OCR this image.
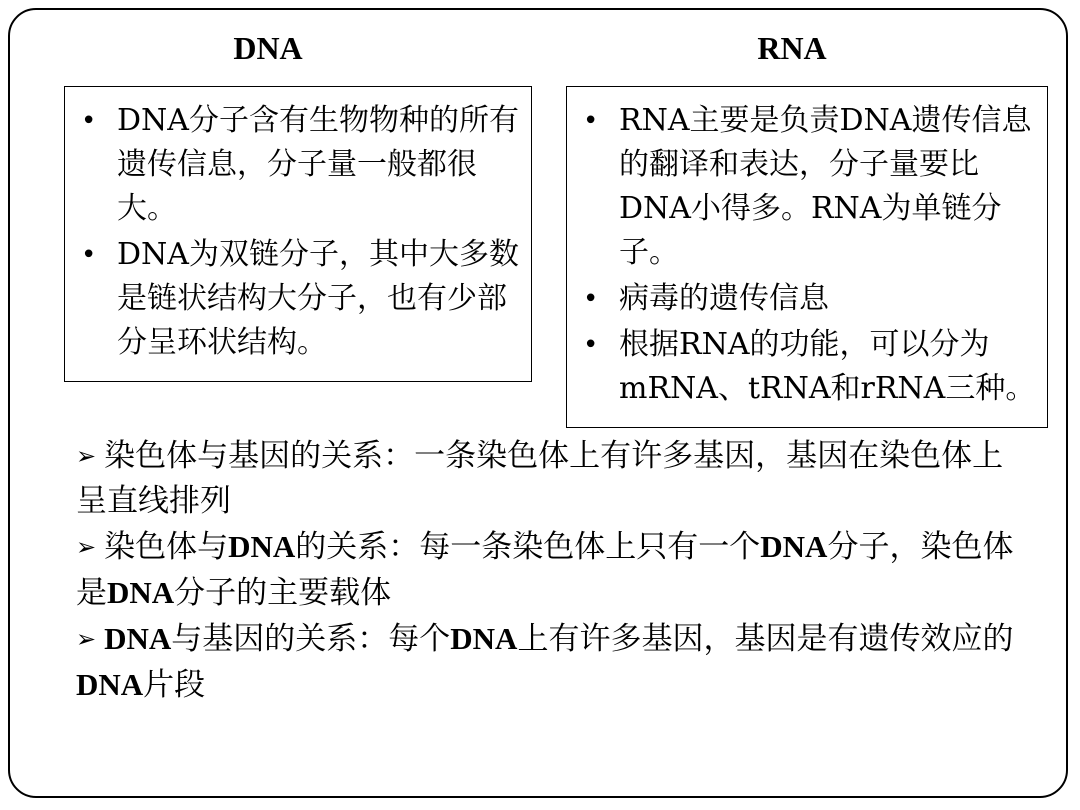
DNA	RNA
• DNA分子含有生物物种的所有遗传信息，分子量一般都很大。
• DNA为双链分子，其中大多数是链状结构大分子，也有少部分呈环状结构。
• RNA主要是负责DNA遗传信息的翻译和表达，分子量要比DNA小得多。RNA为单链分子。
• 病毒的遗传信息
• 根据RNA的功能，可以分为mRNA、tRNA和rRNA三种。

➢ 染色体与基因的关系：一条染色体上有许多基因，基因在染色体上呈直线排列

➢ 染色体与DNA的关系：每一条染色体上只有一个DNA分子，染色体是DNA分子的主要载体

➢ DNA与基因的关系：每个DNA上有许多基因，基因是有遗传效应的DNA片段
